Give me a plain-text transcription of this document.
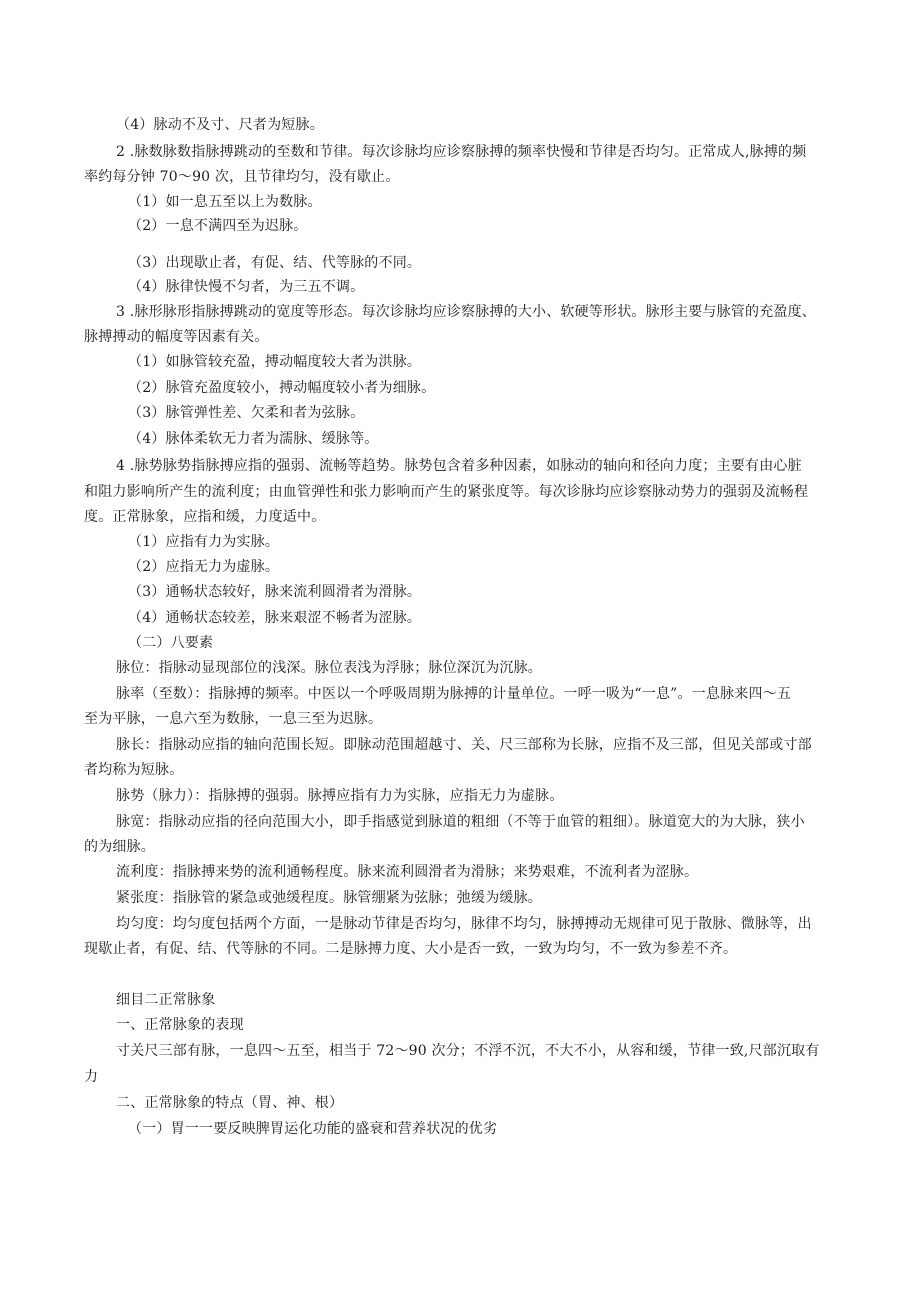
（4）脉动不及寸、尺者为短脉。
2 .脉数脉数指脉搏跳动的至数和节律。每次诊脉均应诊察脉搏的频率快慢和节律是否均匀。正常成人,脉搏的频
率约每分钟 70～90 次，且节律均匀，没有歇止。
（1）如一息五至以上为数脉。
（2）一息不满四至为迟脉。
（3）出现歇止者，有促、结、代等脉的不同。
（4）脉律快慢不匀者，为三五不调。
3 .脉形脉形指脉搏跳动的宽度等形态。每次诊脉均应诊察脉搏的大小、软硬等形状。脉形主要与脉管的充盈度、
脉搏搏动的幅度等因素有关。
（1）如脉管较充盈，搏动幅度较大者为洪脉。
（2）脉管充盈度较小，搏动幅度较小者为细脉。
（3）脉管弹性差、欠柔和者为弦脉。
（4）脉体柔软无力者为濡脉、缓脉等。
4 .脉势脉势指脉搏应指的强弱、流畅等趋势。脉势包含着多种因素，如脉动的轴向和径向力度；主要有由心脏
和阻力影响所产生的流利度；由血管弹性和张力影响而产生的紧张度等。每次诊脉均应诊察脉动势力的强弱及流畅程
度。正常脉象，应指和缓，力度适中。
（1）应指有力为实脉。
（2）应指无力为虚脉。
（3）通畅状态较好，脉来流利圆滑者为滑脉。
（4）通畅状态较差，脉来艰涩不畅者为涩脉。
（二）八要素
脉位：指脉动显现部位的浅深。脉位表浅为浮脉；脉位深沉为沉脉。
脉率（至数）：指脉搏的频率。中医以一个呼吸周期为脉搏的计量单位。一呼一吸为“一息”。一息脉来四～五
至为平脉，一息六至为数脉，一息三至为迟脉。
脉长：指脉动应指的轴向范围长短。即脉动范围超越寸、关、尺三部称为长脉，应指不及三部，但见关部或寸部
者均称为短脉。
脉势（脉力）：指脉搏的强弱。脉搏应指有力为实脉，应指无力为虚脉。
脉宽：指脉动应指的径向范围大小，即手指感觉到脉道的粗细（不等于血管的粗细）。脉道宽大的为大脉，狭小
的为细脉。
流利度：指脉搏来势的流利通畅程度。脉来流利圆滑者为滑脉；来势艰难，不流利者为涩脉。
紧张度：指脉管的紧急或弛缓程度。脉管绷紧为弦脉；弛缓为缓脉。
均匀度：均匀度包括两个方面，一是脉动节律是否均匀，脉律不均匀，脉搏搏动无规律可见于散脉、微脉等，出
现歇止者，有促、结、代等脉的不同。二是脉搏力度、大小是否一致，一致为均匀，不一致为参差不齐。
细目二正常脉象
一、正常脉象的表现
寸关尺三部有脉，一息四～五至，相当于 72～90 次分；不浮不沉，不大不小，从容和缓，节律一致,尺部沉取有
力
二、正常脉象的特点（胃、神、根）
（一）胃一一要反映脾胃运化功能的盛衰和营养状况的优劣
